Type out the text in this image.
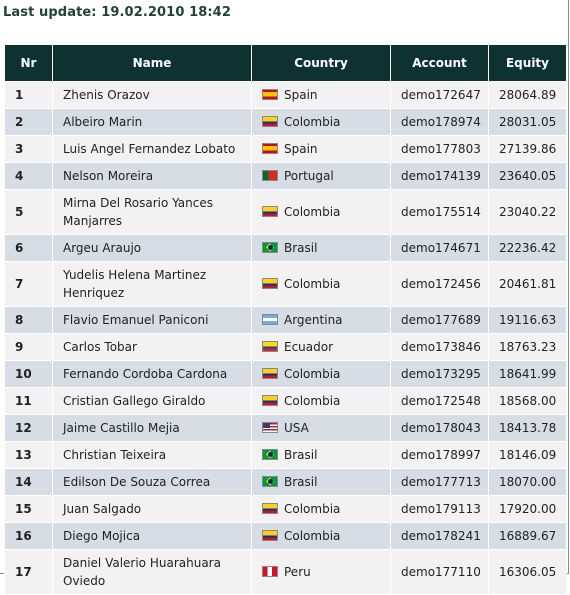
Last update: 19.02.2010 18:42
Nr	Name	Country	Account	Equity
1	Zhenis Orazov	Spain	demo172647	28064.89
2	Albeiro Marin	Colombia	demo178974	28031.05
3	Luis Angel Fernandez Lobato	Spain	demo177803	27139.86
4	Nelson Moreira	Portugal	demo174139	23640.05
5	Mirna Del Rosario Yances Manjarres	Colombia	demo175514	23040.22
6	Argeu Araujo	Brasil	demo174671	22236.42
7	Yudelis Helena Martinez Henriquez	Colombia	demo172456	20461.81
8	Flavio Emanuel Paniconi	Argentina	demo177689	19116.63
9	Carlos Tobar	Ecuador	demo173846	18763.23
10	Fernando Cordoba Cardona	Colombia	demo173295	18641.99
11	Cristian Gallego Giraldo	Colombia	demo172548	18568.00
12	Jaime Castillo Mejia	USA	demo178043	18413.78
13	Christian Teixeira	Brasil	demo178997	18146.09
14	Edilson De Souza Correa	Brasil	demo177713	18070.00
15	Juan Salgado	Colombia	demo179113	17920.00
16	Diego Mojica	Colombia	demo178241	16889.67
17	Daniel Valerio Huarahuara Oviedo	Peru	demo177110	16306.05
